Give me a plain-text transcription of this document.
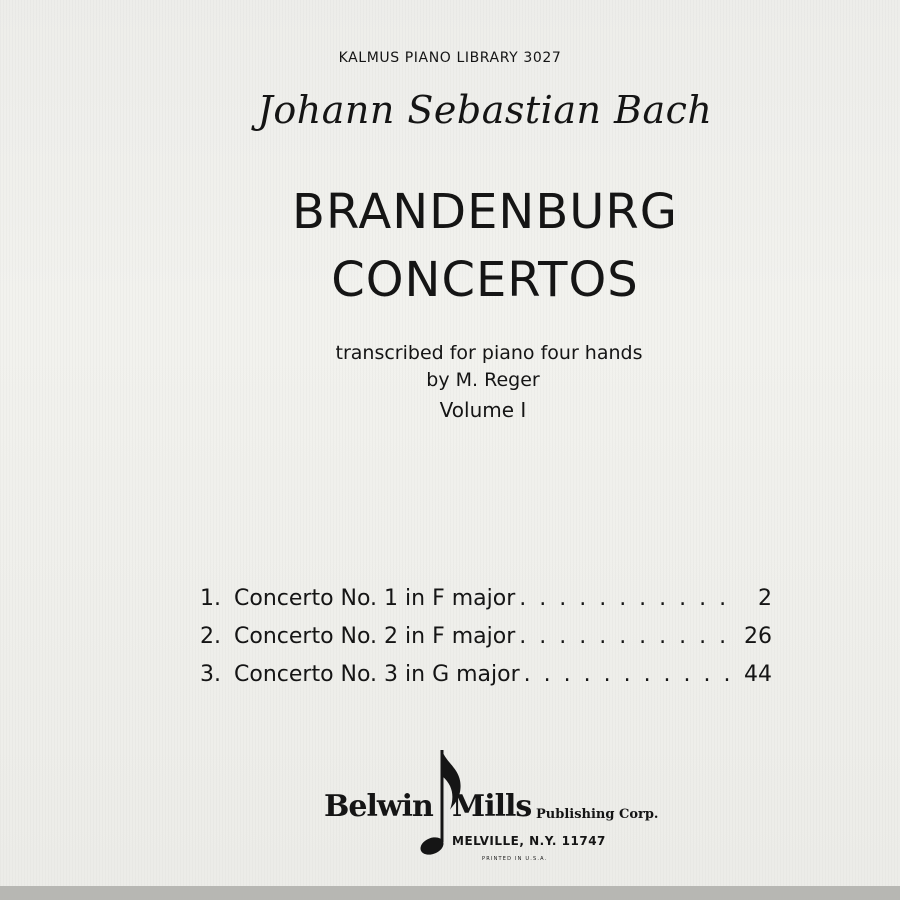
KALMUS PIANO LIBRARY 3027
Johann Sebastian Bach
BRANDENBURG
CONCERTOS
transcribed for piano four hands
by M. Reger
Volume I
1. Concerto No. 1 in F major . . .	2
2. Concerto No. 2 in F major . . .	26
3. Concerto No. 3 in G major . . .	44
Belwin Mills Publishing Corp.
MELVILLE, N.Y. 11747
PRINTED IN U.S.A.
